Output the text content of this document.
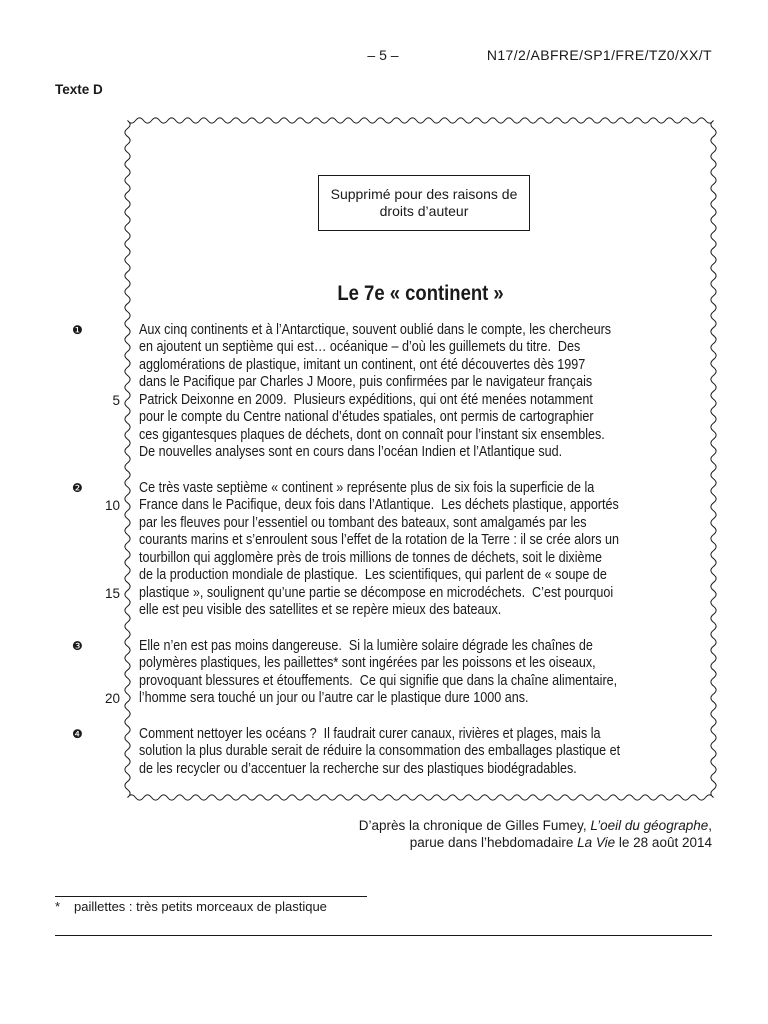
– 5 –	N17/2/ABFRE/SP1/FRE/TZ0/XX/T
Texte D
Supprimé pour des raisons de
droits d’auteur
Le 7e « continent »
❶	Aux cinq continents et à l’Antarctique, souvent oublié dans le compte, les chercheurs
en ajoutent un septième qui est… océanique – d’où les guillemets du titre.  Des
agglomérations de plastique, imitant un continent, ont été découvertes dès 1997
dans le Pacifique par Charles J Moore, puis confirmées par le navigateur français
5 Patrick Deixonne en 2009.  Plusieurs expéditions, qui ont été menées notamment
pour le compte du Centre national d’études spatiales, ont permis de cartographier
ces gigantesques plaques de déchets, dont on connaît pour l’instant six ensembles.
De nouvelles analyses sont en cours dans l’océan Indien et l’Atlantique sud.
❷	Ce très vaste septième « continent » représente plus de six fois la superficie de la
10 France dans le Pacifique, deux fois dans l’Atlantique.  Les déchets plastique, apportés
par les fleuves pour l’essentiel ou tombant des bateaux, sont amalgamés par les
courants marins et s’enroulent sous l’effet de la rotation de la Terre : il se crée alors un
tourbillon qui agglomère près de trois millions de tonnes de déchets, soit le dixième
de la production mondiale de plastique.  Les scientifiques, qui parlent de « soupe de
15 plastique », soulignent qu’une partie se décompose en microdéchets.  C’est pourquoi
elle est peu visible des satellites et se repère mieux des bateaux.
❸	Elle n’en est pas moins dangereuse.  Si la lumière solaire dégrade les chaînes de
polymères plastiques, les paillettes* sont ingérées par les poissons et les oiseaux,
provoquant blessures et étouffements.  Ce qui signifie que dans la chaîne alimentaire,
20 l’homme sera touché un jour ou l’autre car le plastique dure 1000 ans.
❹	Comment nettoyer les océans ?  Il faudrait curer canaux, rivières et plages, mais la
solution la plus durable serait de réduire la consommation des emballages plastique et
de les recycler ou d’accentuer la recherche sur des plastiques biodégradables.
D’après la chronique de Gilles Fumey, L’oeil du géographe,
parue dans l’hebdomadaire La Vie le 28 août 2014
* paillettes : très petits morceaux de plastique
